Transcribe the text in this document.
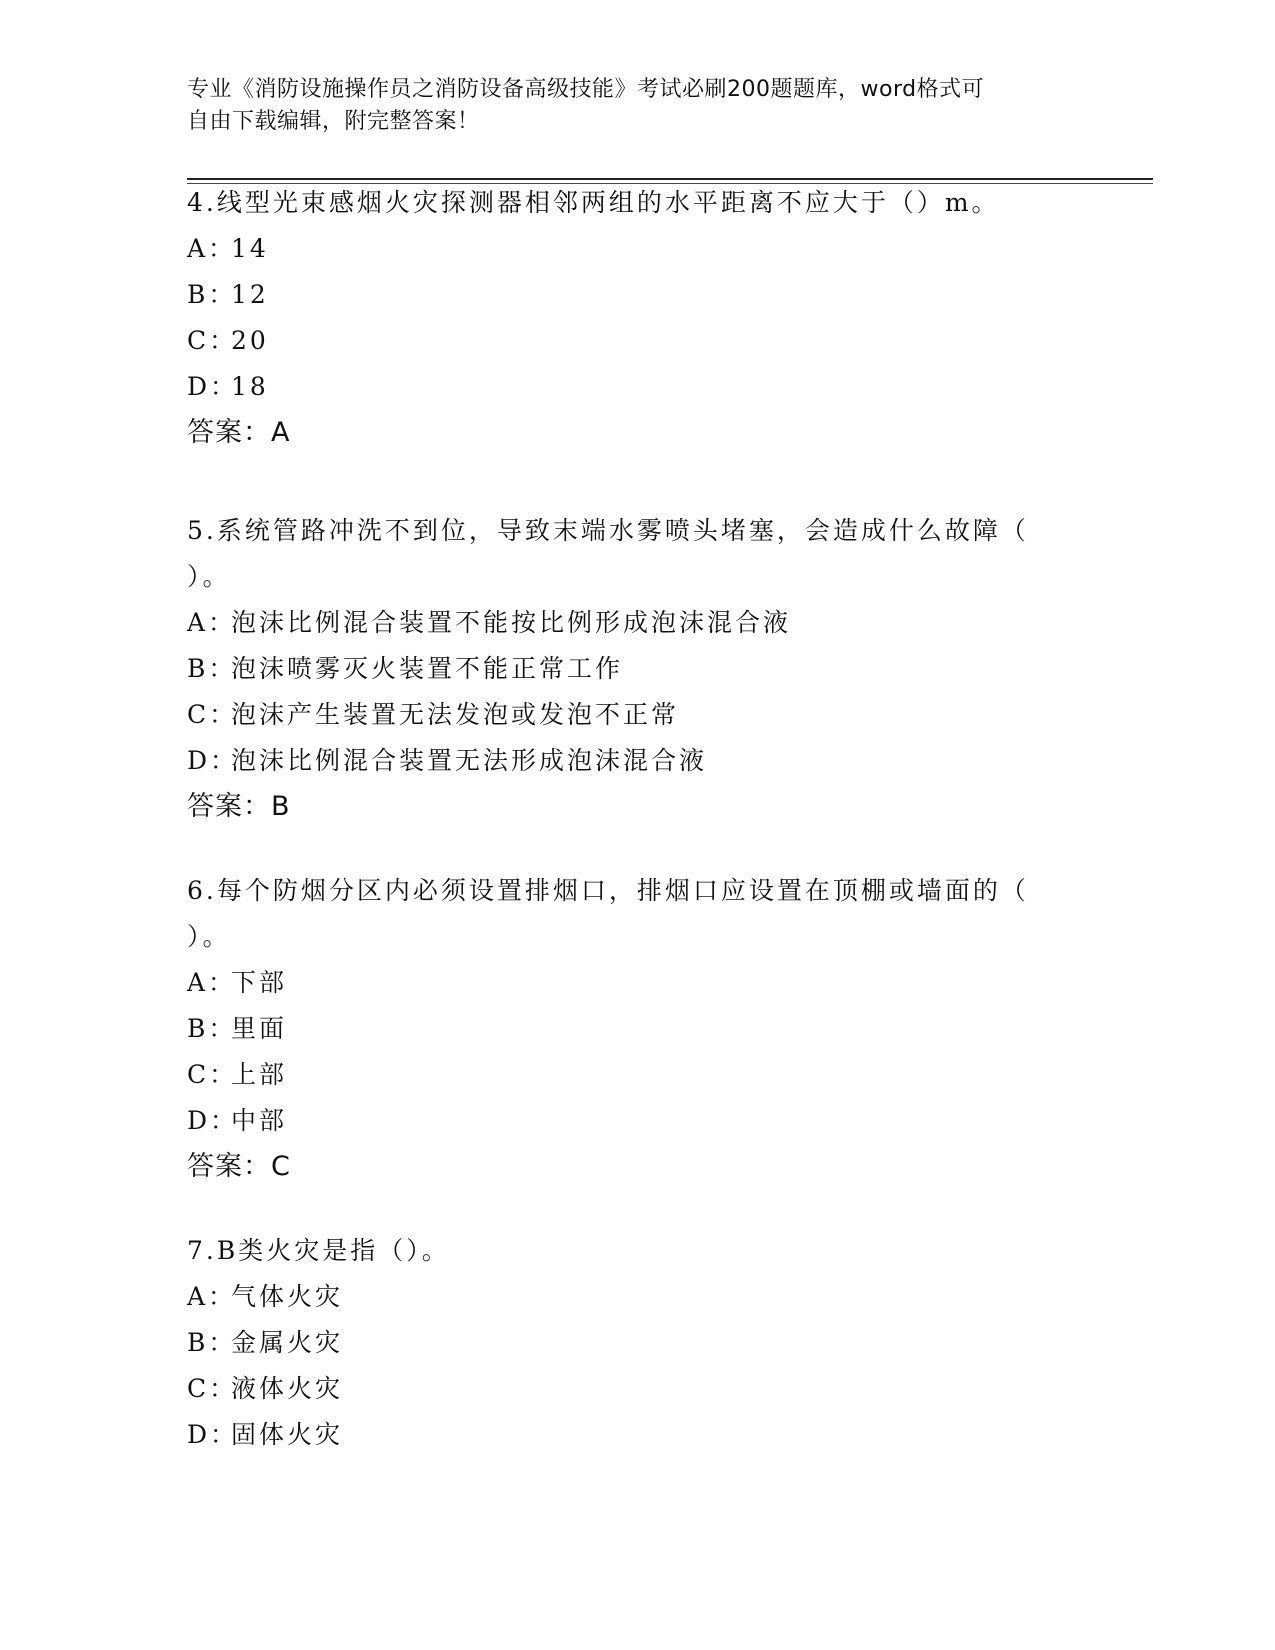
专业《消防设施操作员之消防设备高级技能》考试必刷200题题库，word格式可
自由下载编辑，附完整答案！

4.线型光束感烟火灾探测器相邻两组的水平距离不应大于（）m。

A：
14

B：
12

C：
20

D：
18

答案：A

5.系统管路冲洗不到位，导致末端水雾喷头堵塞，会造成什么故障（

）。

A：
泡沫比例混合装置不能按比例形成泡沫混合液

B：
泡沫喷雾灭火装置不能正常工作

C：
泡沫产生装置无法发泡或发泡不正常

D：
泡沫比例混合装置无法形成泡沫混合液

答案：B

6.每个防烟分区内必须设置排烟口，排烟口应设置在顶棚或墙面的（

）。

A：
下部

B：
里面

C：
上部

D：
中部

答案：C

7.B类火灾是指（）。

A：
气体火灾

B：
金属火灾

C：
液体火灾

D：
固体火灾
